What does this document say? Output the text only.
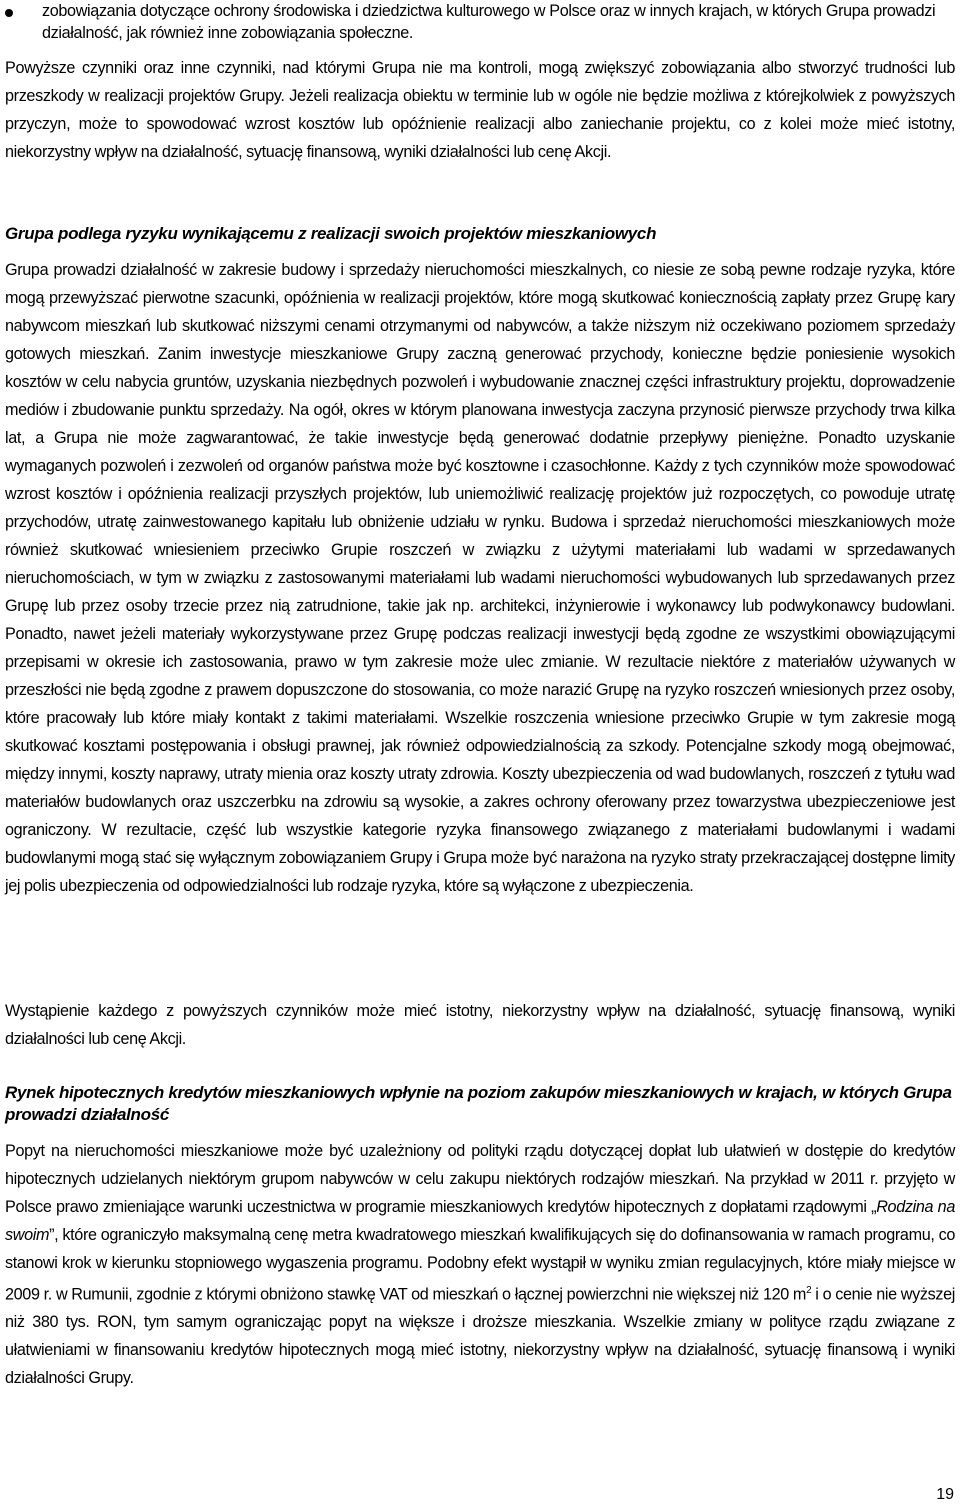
zobowiązania dotyczące ochrony środowiska i dziedzictwa kulturowego w Polsce oraz w innych krajach, w których Grupa prowadzi działalność, jak również inne zobowiązania społeczne.

Powyższe czynniki oraz inne czynniki, nad którymi Grupa nie ma kontroli, mogą zwiększyć zobowiązania albo stworzyć trudności lub przeszkody w realizacji projektów Grupy. Jeżeli realizacja obiektu w terminie lub w ogóle nie będzie możliwa z którejkolwiek z powyższych przyczyn, może to spowodować wzrost kosztów lub opóźnienie realizacji albo zaniechanie projektu, co z kolei może mieć istotny, niekorzystny wpływ na działalność, sytuację finansową, wyniki działalności lub cenę Akcji.

Grupa podlega ryzyku wynikającemu z realizacji swoich projektów mieszkaniowych

Grupa prowadzi działalność w zakresie budowy i sprzedaży nieruchomości mieszkalnych, co niesie ze sobą pewne rodzaje ryzyka, które mogą przewyższać pierwotne szacunki, opóźnienia w realizacji projektów, które mogą skutkować koniecznością zapłaty przez Grupę kary nabywcom mieszkań lub skutkować niższymi cenami otrzymanymi od nabywców, a także niższym niż oczekiwano poziomem sprzedaży gotowych mieszkań. Zanim inwestycje mieszkaniowe Grupy zaczną generować przychody, konieczne będzie poniesienie wysokich kosztów w celu nabycia gruntów, uzyskania niezbędnych pozwoleń i wybudowanie znacznej części infrastruktury projektu, doprowadzenie mediów i zbudowanie punktu sprzedaży. Na ogół, okres w którym planowana inwestycja zaczyna przynosić pierwsze przychody trwa kilka lat, a Grupa nie może zagwarantować, że takie inwestycje będą generować dodatnie przepływy pieniężne. Ponadto uzyskanie wymaganych pozwoleń i zezwoleń od organów państwa może być kosztowne i czasochłonne. Każdy z tych czynników może spowodować wzrost kosztów i opóźnienia realizacji przyszłych projektów, lub uniemożliwić realizację projektów już rozpoczętych, co powoduje utratę przychodów, utratę zainwestowanego kapitału lub obniżenie udziału w rynku. Budowa i sprzedaż nieruchomości mieszkaniowych może również skutkować wniesieniem przeciwko Grupie roszczeń w związku z użytymi materiałami lub wadami w sprzedawanych nieruchomościach, w tym w związku z zastosowanymi materiałami lub wadami nieruchomości wybudowanych lub sprzedawanych przez Grupę lub przez osoby trzecie przez nią zatrudnione, takie jak np. architekci, inżynierowie i wykonawcy lub podwykonawcy budowlani. Ponadto, nawet jeżeli materiały wykorzystywane przez Grupę podczas realizacji inwestycji będą zgodne ze wszystkimi obowiązującymi przepisami w okresie ich zastosowania, prawo w tym zakresie może ulec zmianie. W rezultacie niektóre z materiałów używanych w przeszłości nie będą zgodne z prawem dopuszczone do stosowania, co może narazić Grupę na ryzyko roszczeń wniesionych przez osoby, które pracowały lub które miały kontakt z takimi materiałami. Wszelkie roszczenia wniesione przeciwko Grupie w tym zakresie mogą skutkować kosztami postępowania i obsługi prawnej, jak również odpowiedzialnością za szkody. Potencjalne szkody mogą obejmować, między innymi, koszty naprawy, utraty mienia oraz koszty utraty zdrowia. Koszty ubezpieczenia od wad budowlanych, roszczeń z tytułu wad materiałów budowlanych oraz uszczerbku na zdrowiu są wysokie, a zakres ochrony oferowany przez towarzystwa ubezpieczeniowe jest ograniczony. W rezultacie, część lub wszystkie kategorie ryzyka finansowego związanego z materiałami budowlanymi i wadami budowlanymi mogą stać się wyłącznym zobowiązaniem Grupy i Grupa może być narażona na ryzyko straty przekraczającej dostępne limity jej polis ubezpieczenia od odpowiedzialności lub rodzaje ryzyka, które są wyłączone z ubezpieczenia.

Wystąpienie każdego z powyższych czynników może mieć istotny, niekorzystny wpływ na działalność, sytuację finansową, wyniki działalności lub cenę Akcji.

Rynek hipotecznych kredytów mieszkaniowych wpłynie na poziom zakupów mieszkaniowych w krajach, w których Grupa prowadzi działalność

Popyt na nieruchomości mieszkaniowe może być uzależniony od polityki rządu dotyczącej dopłat lub ułatwień w dostępie do kredytów hipotecznych udzielanych niektórym grupom nabywców w celu zakupu niektórych rodzajów mieszkań. Na przykład w 2011 r. przyjęto w Polsce prawo zmieniające warunki uczestnictwa w programie mieszkaniowych kredytów hipotecznych z dopłatami rządowymi „Rodzina na swoim”, które ograniczyło maksymalną cenę metra kwadratowego mieszkań kwalifikujących się do dofinansowania w ramach programu, co stanowi krok w kierunku stopniowego wygaszenia programu. Podobny efekt wystąpił w wyniku zmian regulacyjnych, które miały miejsce w 2009 r. w Rumunii, zgodnie z którymi obniżono stawkę VAT od mieszkań o łącznej powierzchni nie większej niż 120 $m^2$ i o cenie nie wyższej niż 380 tys. RON, tym samym ograniczając popyt na większe i droższe mieszkania. Wszelkie zmiany w polityce rządu związane z ułatwieniami w finansowaniu kredytów hipotecznych mogą mieć istotny, niekorzystny wpływ na działalność, sytuację finansową i wyniki działalności Grupy.

19
